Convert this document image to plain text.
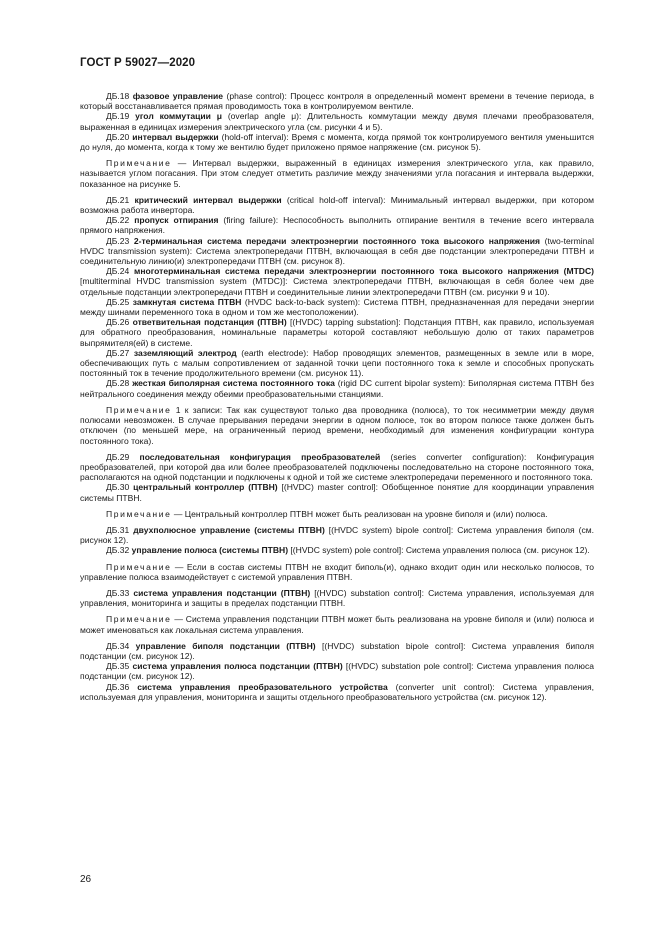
ГОСТ Р 59027—2020

ДБ.18 фазовое управление (phase control): Процесс контроля в определенный момент времени в течение периода, в который восстанавливается прямая проводимость тока в контролируемом вентиле.

ДБ.19 угол коммутации μ (overlap angle μ): Длительность коммутации между двумя плечами преобразователя, выраженная в единицах измерения электрического угла (см. рисунки 4 и 5).

ДБ.20 интервал выдержки (hold-off interval): Время с момента, когда прямой ток контролируемого вентиля уменьшится до нуля, до момента, когда к тому же вентилю будет приложено прямое напряжение (см. рисунок 5).

Примечание — Интервал выдержки, выраженный в единицах измерения электрического угла, как правило, называется углом погасания. При этом следует отметить различие между значениями угла погасания и интервала выдержки, показанное на рисунке 5.

ДБ.21 критический интервал выдержки (critical hold-off interval): Минимальный интервал выдержки, при котором возможна работа инвертора.

ДБ.22 пропуск отпирания (firing failure): Неспособность выполнить отпирание вентиля в течение всего интервала прямого напряжения.

ДБ.23 2-терминальная система передачи электроэнергии постоянного тока высокого напряжения (two-terminal HVDC transmission system): Система электропередачи ПТВН, включающая в себя две подстанции электропередачи ПТВН и соединительную линию(и) электропередачи ПТВН (см. рисунок 8).

ДБ.24 многотерминальная система передачи электроэнергии постоянного тока высокого напряжения (MTDC) [multiterminal HVDC transmission system (MTDC)]: Система электропередачи ПТВН, включающая в себя более чем две отдельные подстанции электропередачи ПТВН и соединительные линии электропередачи ПТВН (см. рисунки 9 и 10).

ДБ.25 замкнутая система ПТВН (HVDC back-to-back system): Система ПТВН, предназначенная для передачи энергии между шинами переменного тока в одном и том же местоположении).

ДБ.26 ответвительная подстанция (ПТВН) [(HVDC) tapping substation]: Подстанция ПТВН, как правило, используемая для обратного преобразования, номинальные параметры которой составляют небольшую долю от таких параметров выпрямителя(ей) в системе.

ДБ.27 заземляющий электрод (earth electrode): Набор проводящих элементов, размещенных в земле или в море, обеспечивающих путь с малым сопротивлением от заданной точки цепи постоянного тока к земле и способных пропускать постоянный ток в течение продолжительного времени (см. рисунок 11).

ДБ.28 жесткая биполярная система постоянного тока (rigid DC current bipolar system): Биполярная система ПТВН без нейтрального соединения между обеими преобразовательными станциями.

Примечание 1 к записи: Так как существуют только два проводника (полюса), то ток несимметрии между двумя полюсами невозможен. В случае прерывания передачи энергии в одном полюсе, ток во втором полюсе также должен быть отключен (по меньшей мере, на ограниченный период времени, необходимый для изменения конфигурации контура постоянного тока).

ДБ.29 последовательная конфигурация преобразователей (series converter configuration): Конфигурация преобразователей, при которой два или более преобразователей подключены последовательно на стороне постоянного тока, располагаются на одной подстанции и подключены к одной и той же системе электропередачи переменного и постоянного тока.

ДБ.30 центральный контроллер (ПТВН) [(HVDC) master control]: Обобщенное понятие для координации управления системы ПТВН.

Примечание — Центральный контроллер ПТВН может быть реализован на уровне биполя и (или) полюса.

ДБ.31 двухполюсное управление (системы ПТВН) [(HVDC system) bipole control]: Система управления биполя (см. рисунок 12).

ДБ.32 управление полюса (системы ПТВН) [(HVDC system) pole control]: Система управления полюса (см. рисунок 12).

Примечание — Если в состав системы ПТВН не входит биполь(и), однако входит один или несколько полюсов, то управление полюса взаимодействует с системой управления ПТВН.

ДБ.33 система управления подстанции (ПТВН) [(HVDC) substation control]: Система управления, используемая для управления, мониторинга и защиты в пределах подстанции ПТВН.

Примечание — Система управления подстанции ПТВН может быть реализована на уровне биполя и (или) полюса и может именоваться как локальная система управления.

ДБ.34 управление биполя подстанции (ПТВН) [(HVDC) substation bipole control]: Система управления биполя подстанции (см. рисунок 12).

ДБ.35 система управления полюса подстанции (ПТВН) [(HVDC) substation pole control]: Система управления полюса подстанции (см. рисунок 12).

ДБ.36 система управления преобразовательного устройства (converter unit control): Система управления, используемая для управления, мониторинга и защиты отдельного преобразовательного устройства (см. рисунок 12).

26
